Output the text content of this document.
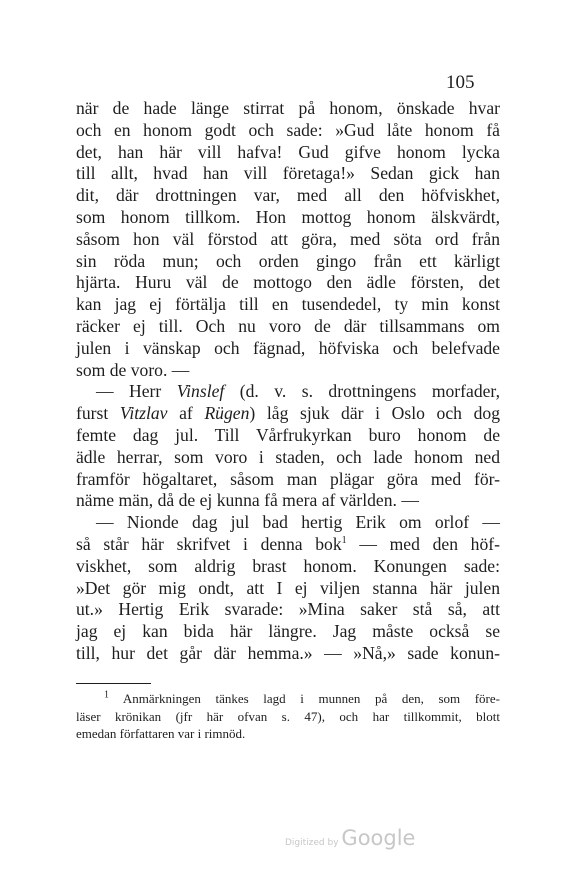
105
när de hade länge stirrat på honom, önskade hvar
och en honom godt och sade: »Gud låte honom få
det, han här vill hafva! Gud gifve honom lycka
till allt, hvad han vill företaga!» Sedan gick han
dit, där drottningen var, med all den höfviskhet,
som honom tillkom. Hon mottog honom älskvärdt,
såsom hon väl förstod att göra, med söta ord från
sin röda mun; och orden gingo från ett kärligt
hjärta. Huru väl de mottogo den ädle försten, det
kan jag ej förtälja till en tusendedel, ty min konst
räcker ej till. Och nu voro de där tillsammans om
julen i vänskap och fägnad, höfviska och belefvade
som de voro. —
— Herr Vinslef (d. v. s. drottningens morfader,
furst Vitzlav af Rügen) låg sjuk där i Oslo och dog
femte dag jul. Till Vårfrukyrkan buro honom de
ädle herrar, som voro i staden, och lade honom ned
framför högaltaret, såsom man plägar göra med för-
näme män, då de ej kunna få mera af världen. —
— Nionde dag jul bad hertig Erik om orlof —
så står här skrifvet i denna bok$^1$ — med den höf-
viskhet, som aldrig brast honom. Konungen sade:
»Det gör mig ondt, att I ej viljen stanna här julen
ut.» Hertig Erik svarade: »Mina saker stå så, att
jag ej kan bida här längre. Jag måste också se
till, hur det går där hemma.» — »Nå,» sade konun-
$^1$ Anmärkningen tänkes lagd i munnen på den, som före-
läser krönikan (jfr här ofvan s. 47), och har tillkommit, blott
emedan författaren var i rimnöd.
Digitized by Google
